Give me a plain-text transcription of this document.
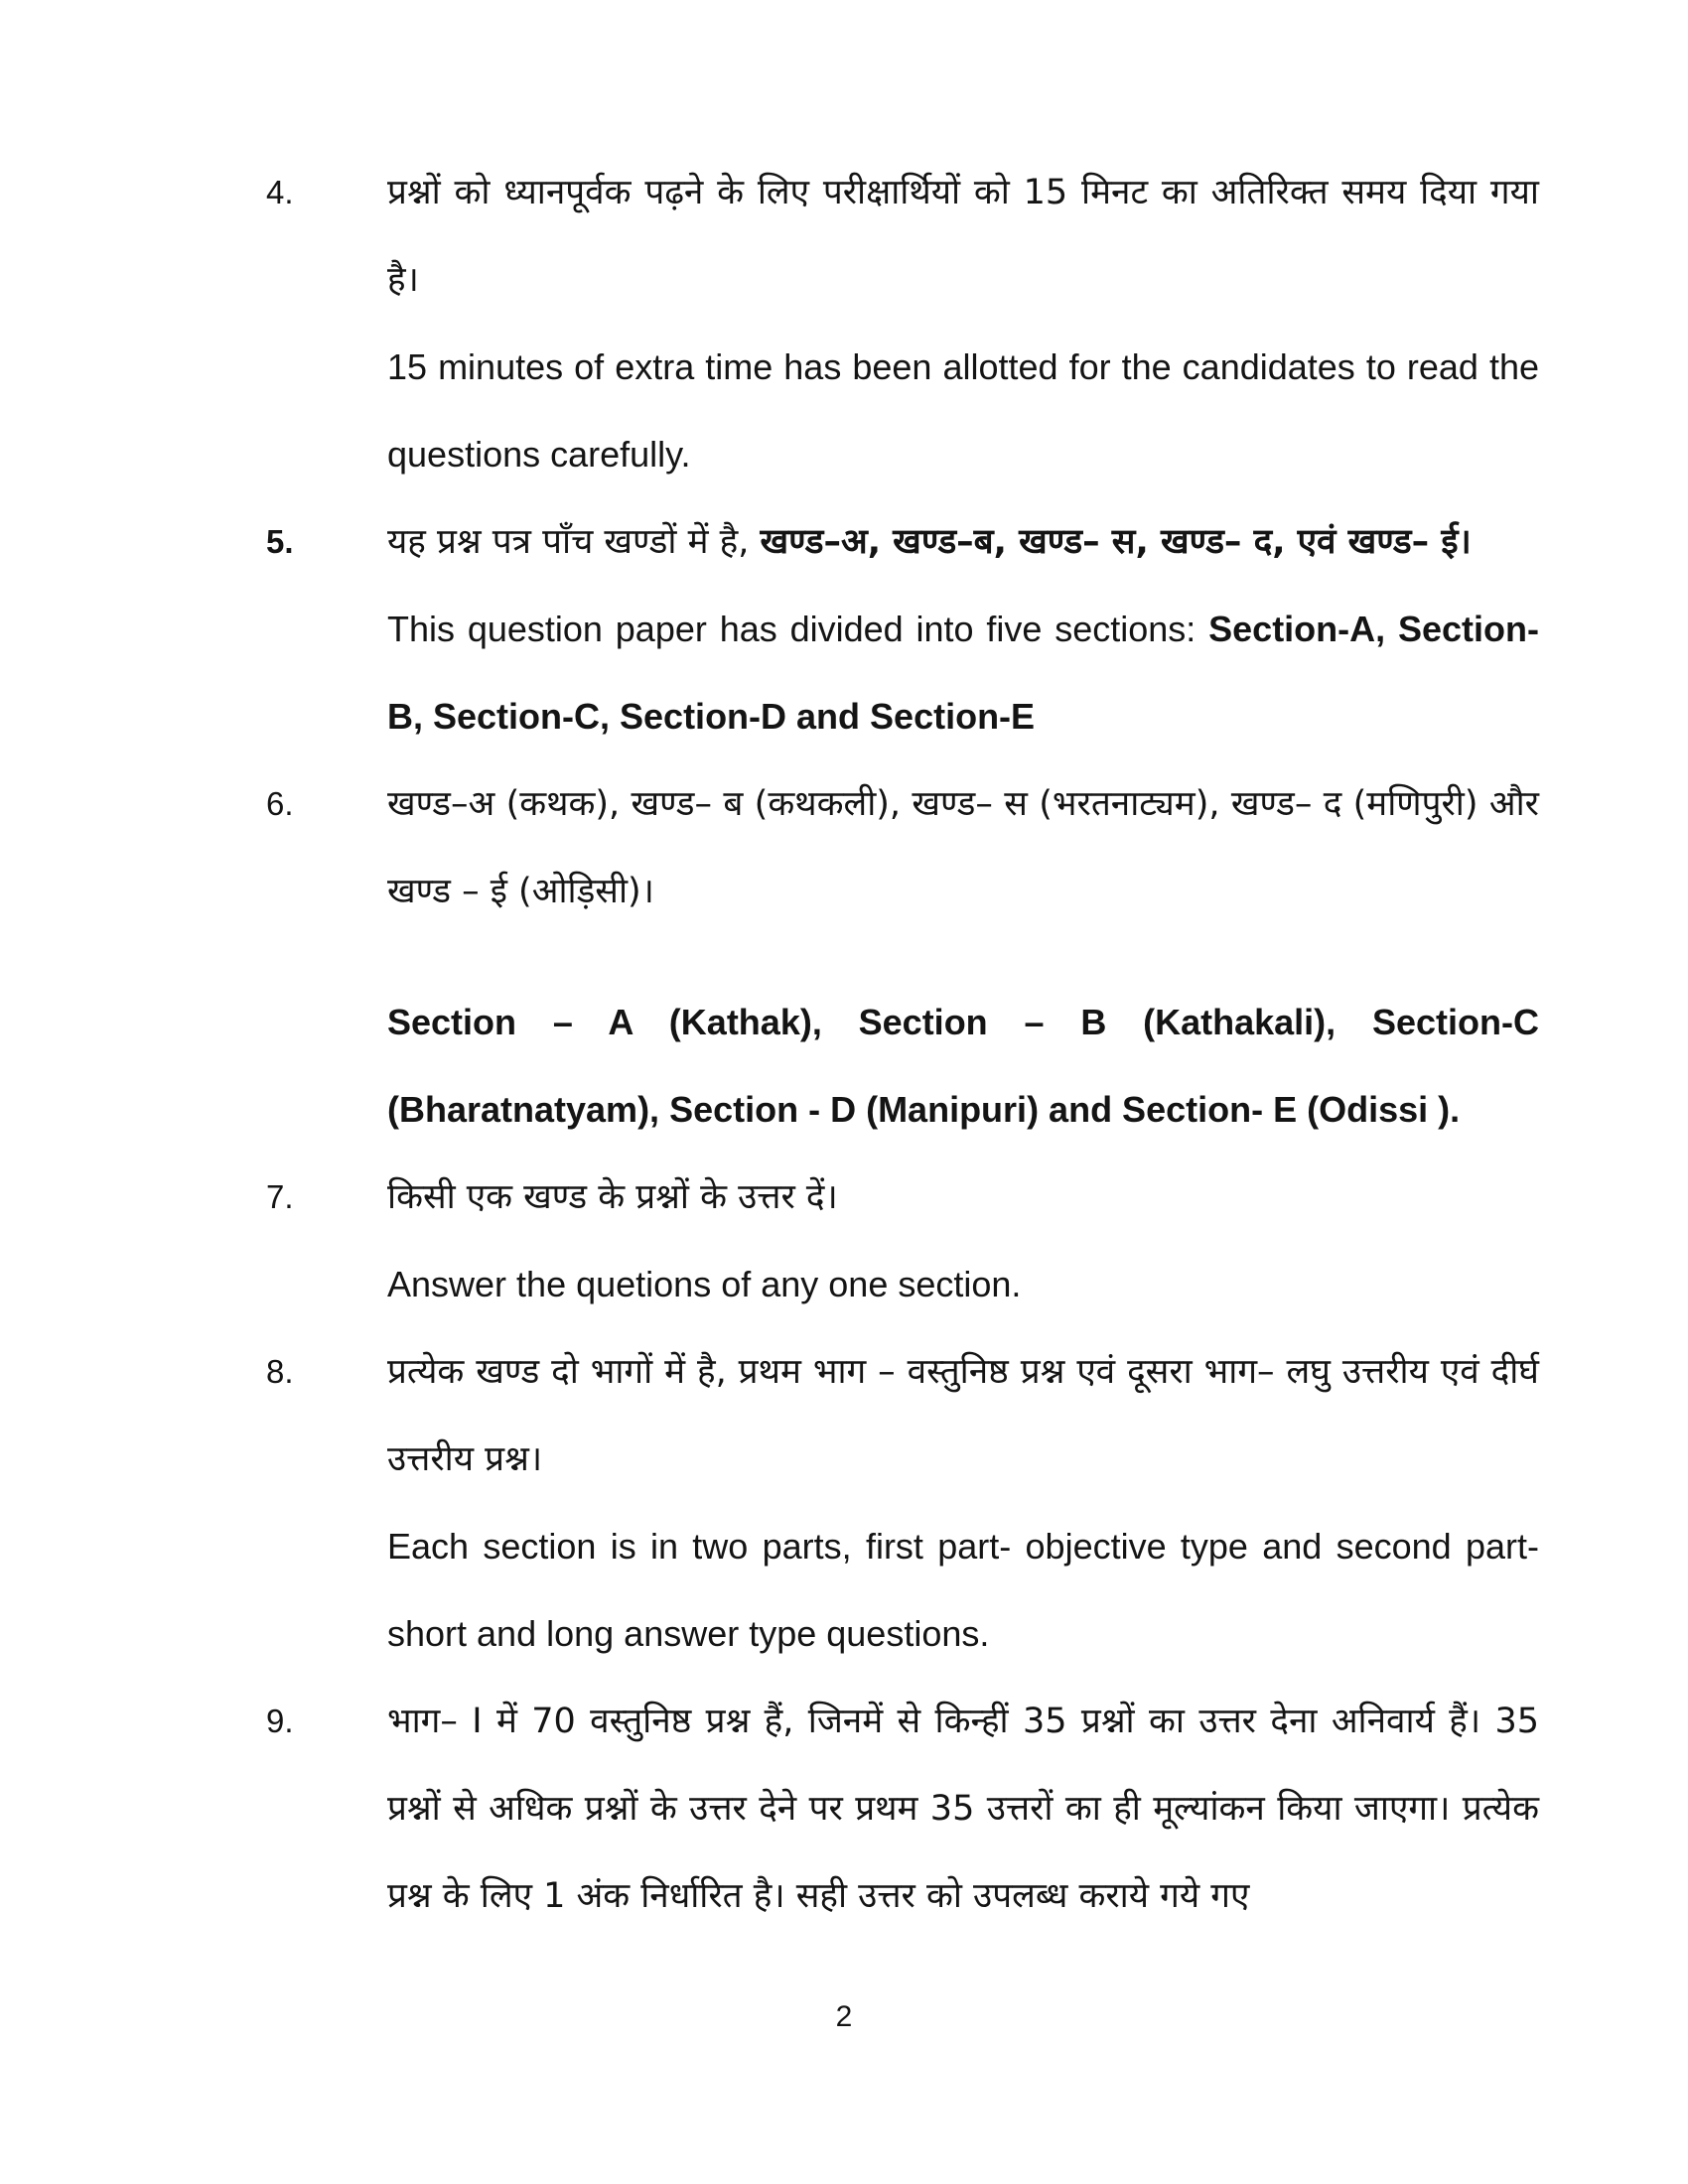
4.	प्रश्नों को ध्यानपूर्वक पढ़ने के लिए परीक्षार्थियों को 15 मिनट का अतिरिक्त समय दिया गया है।

15 minutes of extra time has been allotted for the candidates to read the questions carefully.

5.	यह प्रश्न पत्र पाँच खण्डों में है, खण्ड–अ, खण्ड–ब, खण्ड– स, खण्ड– द, एवं खण्ड– ई।

This question paper has divided into five sections: Section-A, Section-B, Section-C, Section-D and Section-E

6.	खण्ड–अ (कथक), खण्ड– ब (कथकली), खण्ड– स (भरतनाट्यम), खण्ड– द (मणिपुरी) और खण्ड – ई (ओड़िसी)।

Section – A (Kathak), Section – B (Kathakali), Section-C (Bharatnatyam), Section - D (Manipuri) and Section- E (Odissi ).

7.	किसी एक खण्ड के प्रश्नों के उत्तर दें।

Answer the quetions of any one section.

8.	प्रत्येक खण्ड दो भागों में है, प्रथम भाग – वस्तुनिष्ठ प्रश्न एवं दूसरा भाग– लघु उत्तरीय एवं दीर्घ उत्तरीय प्रश्न।

Each section is in two parts, first part- objective type and second part- short and long answer type questions.

9.	भाग– I में 70 वस्तुनिष्ठ प्रश्न हैं, जिनमें से किन्हीं 35 प्रश्नों का उत्तर देना अनिवार्य हैं। 35 प्रश्नों से अधिक प्रश्नों के उत्तर देने पर प्रथम 35 उत्तरों का ही मूल्यांकन किया जाएगा। प्रत्येक प्रश्न के लिए 1 अंक निर्धारित है। सही उत्तर को उपलब्ध कराये गये गए

2
